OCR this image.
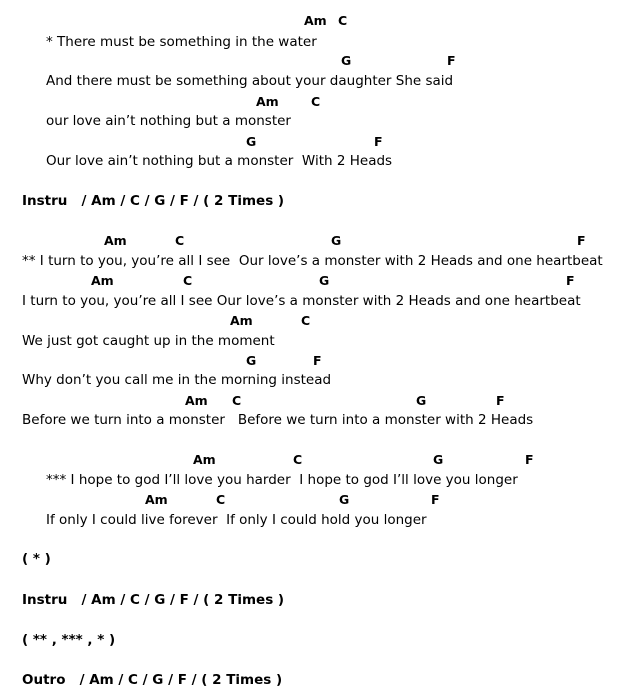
Am C
* There must be something in the water
G	F
And there must be something about your daughter She said
Am	C
our love ain’t nothing but a monster
G	F
Our love ain’t nothing but a monster  With 2 Heads
Instru   / Am / C / G / F / ( 2 Times )
Am	C	G	F
** I turn to you, you’re all I see  Our love’s a monster with 2 Heads and one heartbeat
Am	C	G	F
I turn to you, you’re all I see Our love’s a monster with 2 Heads and one heartbeat
Am	C
We just got caught up in the moment
G	F
Why don’t you call me in the morning instead
Am C	G	F
Before we turn into a monster   Before we turn into a monster with 2 Heads
Am	C	G	F
*** I hope to god I’ll love you harder  I hope to god I’ll love you longer
Am	C	G	F
If only I could live forever  If only I could hold you longer
( * )
Instru   / Am / C / G / F / ( 2 Times )
( ** , *** , * )
Outro   / Am / C / G / F / ( 2 Times )
